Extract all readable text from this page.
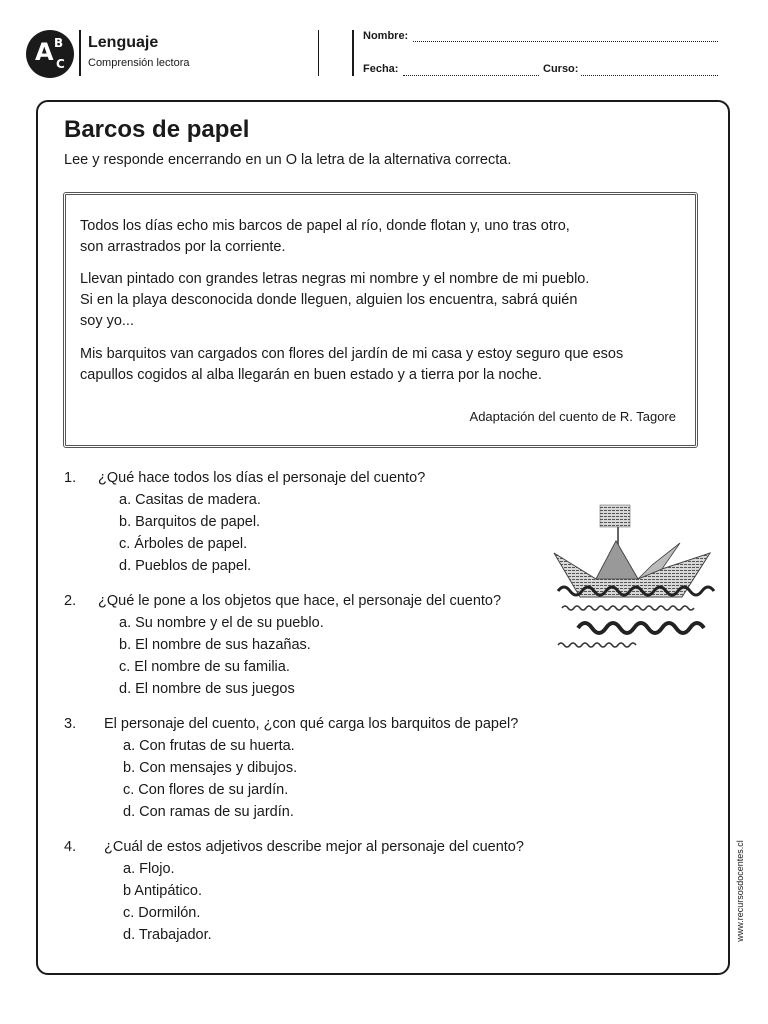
A B
C
Lenguaje
Comprensión lectora
Nombre:
Fecha:	Curso:
Barcos de papel
Lee y responde encerrando en un O la letra de la alternativa correcta.
Todos los días echo mis barcos de papel al río, donde flotan y, uno tras otro,
son arrastrados por la corriente.
Llevan pintado con grandes letras negras mi nombre y el nombre de mi pueblo.
Si en la playa desconocida donde lleguen, alguien los encuentra, sabrá quién
soy yo...
Mis barquitos van cargados con flores del jardín de mi casa y estoy seguro que esos
capullos cogidos al alba llegarán en buen estado y a tierra por la noche.
Adaptación del cuento de R. Tagore
1. ¿Qué hace todos los días el personaje del cuento?
a. Casitas de madera.
b. Barquitos de papel.
c. Árboles de papel.
d. Pueblos de papel.
2. ¿Qué le pone a los objetos que hace, el personaje del cuento?
a. Su nombre y el de su pueblo.
b. El nombre de sus hazañas.
c. El nombre de su familia.
d. El nombre de sus juegos
3. El personaje del cuento, ¿con qué carga los barquitos de papel?
a. Con frutas de su huerta.
b. Con mensajes y dibujos.
c. Con flores de su jardín.
d. Con ramas de su jardín.
4. ¿Cuál de estos adjetivos describe mejor al personaje del cuento?
a. Flojo.
b Antipático.
c. Dormilón.
d. Trabajador.	www.recursosdocentes.cl
